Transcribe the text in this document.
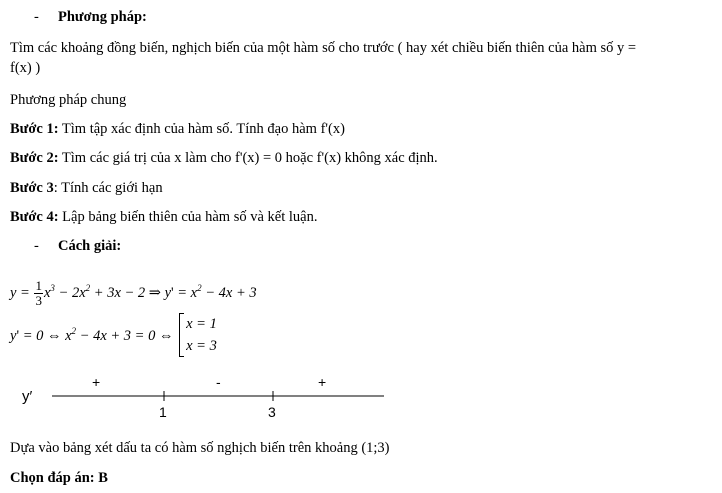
- Phương pháp:
Tìm các khoảng đồng biến, nghịch biến của một hàm số cho trước ( hay xét chiều biến thiên của hàm số y =
f(x) )
Phương pháp chung
Bước 1: Tìm tập xác định của hàm số. Tính đạo hàm f'(x)
Bước 2: Tìm các giá trị của x làm cho f'(x) = 0 hoặc f'(x) không xác định.
Bước 3: Tính các giới hạn
Bước 4: Lập bảng biến thiên của hàm số và kết luận.
- Cách giải:
$y = \frac{1}{3} x^3 - 2x^2 + 3x - 2$ ⇒ $y' = x^2 - 4x + 3$
y' = 0 ⇔ $x^2 - 4x + 3 = 0$ ⇔
x = 1
x = 3
y′
+	-	+
1	3
Dựa vào bảng xét dấu ta có hàm số nghịch biến trên khoảng (1;3)
Chọn đáp án: B
